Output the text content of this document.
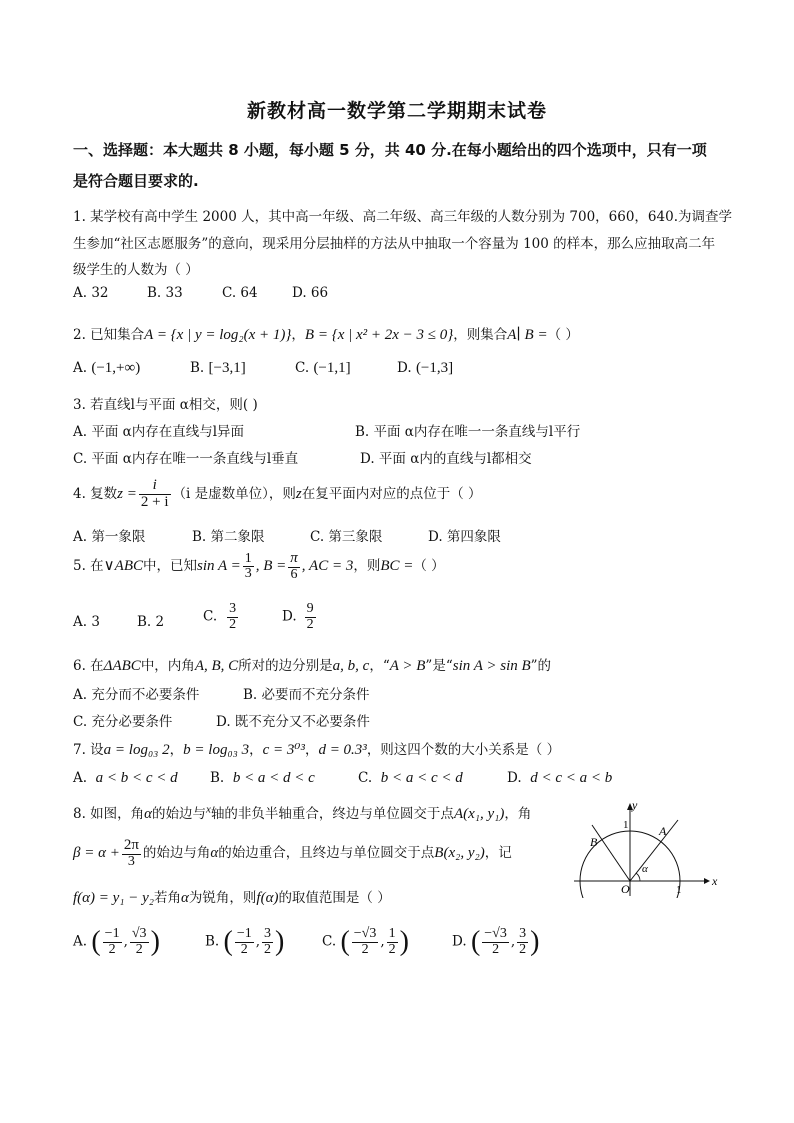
新教材高一数学第二学期期末试卷
一、选择题：本大题共 8 小题，每小题 5 分，共 40 分.在每小题给出的四个选项中，只有一项
是符合题目要求的.
1. 某学校有高中学生 2000 人，其中高一年级、高二年级、高三年级的人数分别为 700，660，640.为调查学
生参加“社区志愿服务”的意向，现采用分层抽样的方法从中抽取一个容量为 100 的样本，那么应抽取高二年
级学生的人数为（ ）
A. 32	B. 33	C. 64	D. 66
2. 已知集合A = {x | y = log₂(x + 1)}，B = {x | x² + 2x − 3 ≤ 0}，则集合A∣ B =（ ）
A. (−1,+∞)	B. [−3,1]	C. (−1,1]	D. (−1,3]
3. 若直线l与平面 α相交，则( )
A. 平面 α内存在直线与l异面	B. 平面 α内存在唯一一条直线与l平行
C. 平面 α内存在唯一一条直线与l垂直	D. 平面 α内的直线与l都相交
4. 复数$z = \frac{i}{2 + i} (i$ 是虚数单位），则z在复平面内对应的点位于（ ）
A. 第一象限	B. 第二象限	C. 第三象限	D. 第四象限
5. 在∨ABC中，已知$\sin A = \frac{1}{3}$ , $B = \frac{\pi}{6}$ , AC = 3，则BC =（ ）
A. 3	B. 2	C. $\frac{3}{2}$	D. $\frac{9}{2}$
6. 在ΔABC中，内角A, B, C所对的边分别是a, b, c，“A > B”是“sin A > sin B”的
A. 充分而不必要条件	B. 必要而不充分条件
C. 充分必要条件	D. 既不充分又不必要条件
7. 设a = log₀₃ 2，b = log₀₃ 3，c = 3⁰³，d = 0.3³，则这四个数的大小关系是（ ）
A. a < b < c < d B. b < a < d < c	C. b < a < c < d	D. d < c < a < b
8. 如图，角α的始边与$^x$轴的非负半轴重合，终边与单位圆交于点A(x₁, y₁)，角
$\beta = \alpha + \frac{2\pi}{3}$ 的始边与角α的始边重合，且终边与单位圆交于点B(x₂, y₂)，记
f(α) = y₁ − y₂若角α为锐角，则f(α)的取值范围是（ ）
A. ( $\frac{-1}{2}$ , $\frac{√3}{2}$ )	B. ( $\frac{-1}{2}$ , $\frac{3}{2}$ )	C. ( $\frac{-√3}{2}$ , $\frac{1}{2}$ )	D. ( $\frac{-√3}{2}$ , $\frac{3}{2}$ )
y
x
O	1
1	A
B
α
